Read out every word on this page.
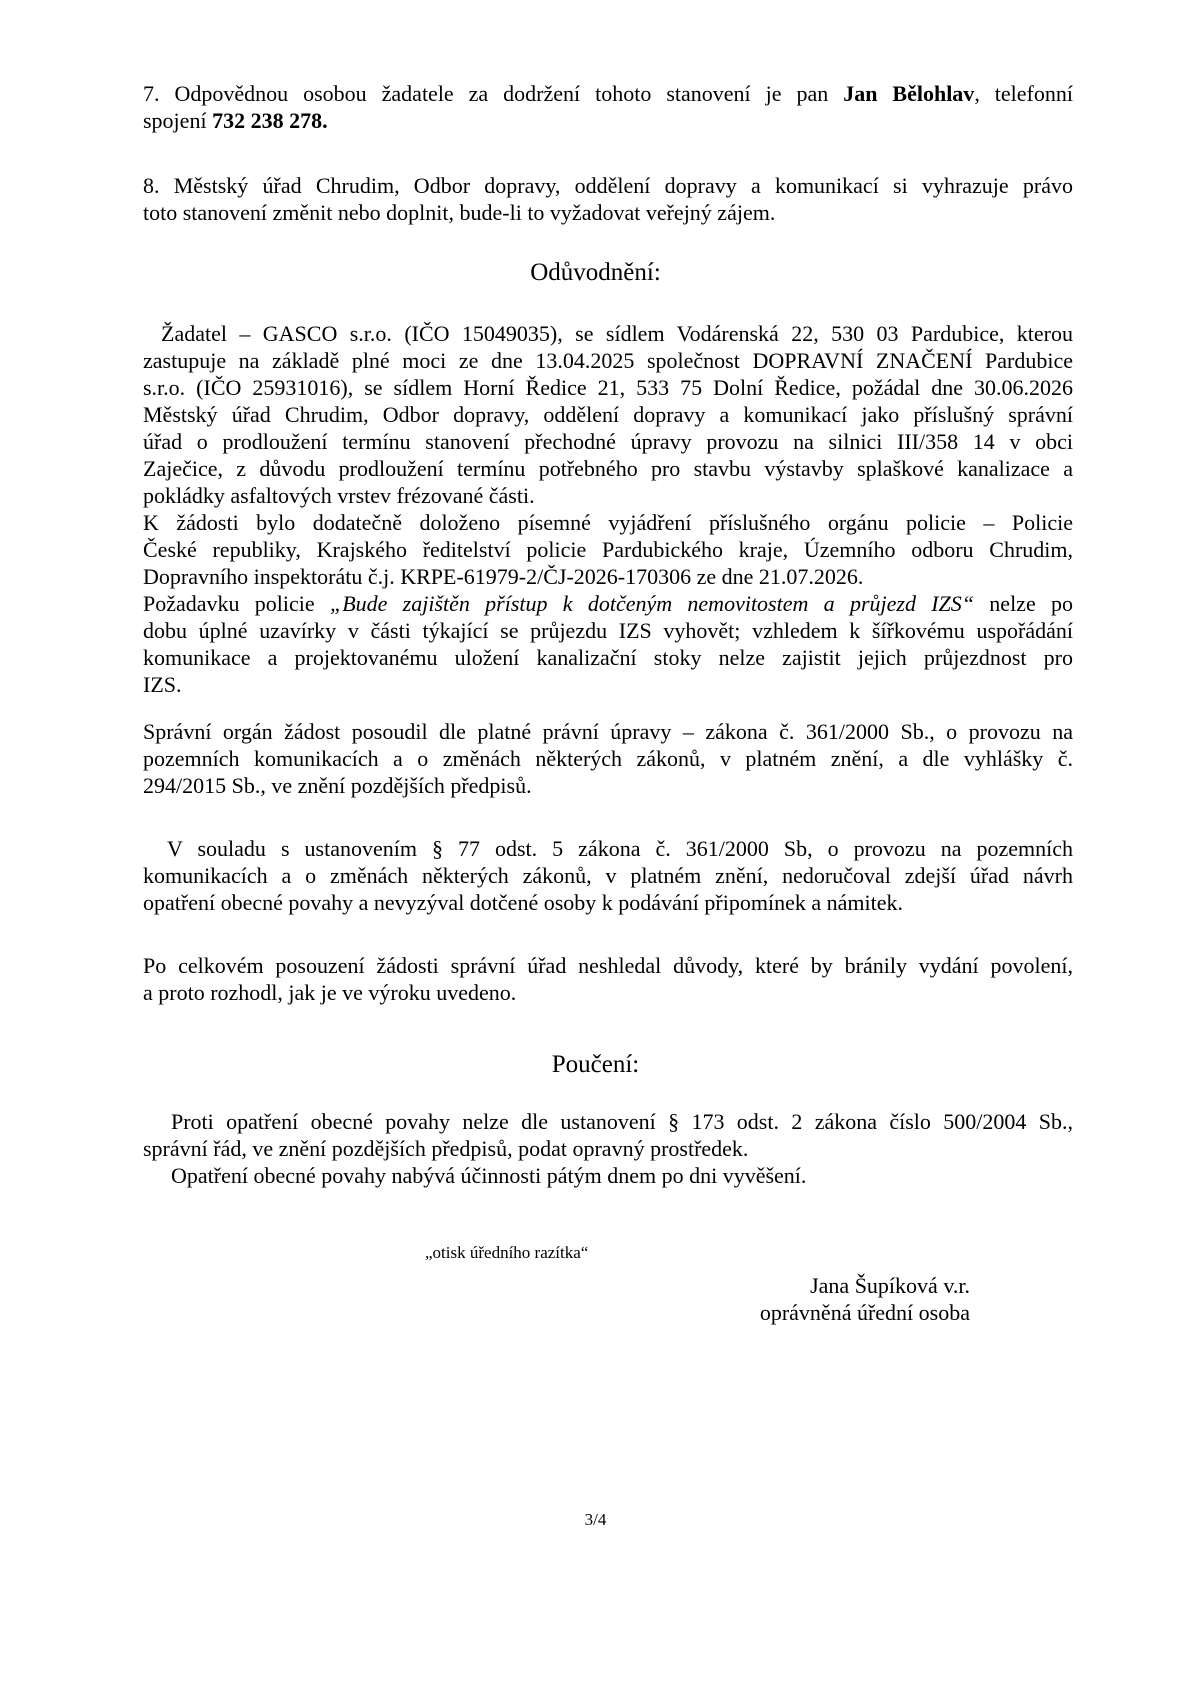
7. Odpovědnou osobou žadatele za dodržení tohoto stanovení je pan Jan Bělohlav, telefonní
spojení 732 238 278.
8. Městský úřad Chrudim, Odbor dopravy, oddělení dopravy a komunikací si vyhrazuje právo
toto stanovení změnit nebo doplnit, bude-li to vyžadovat veřejný zájem.
Odůvodnění:
Žadatel – GASCO s.r.o. (IČO 15049035), se sídlem Vodárenská 22, 530 03 Pardubice, kterou
zastupuje na základě plné moci ze dne 13.04.2025 společnost DOPRAVNÍ ZNAČENÍ Pardubice
s.r.o. (IČO 25931016), se sídlem Horní Ředice 21, 533 75 Dolní Ředice, požádal dne 30.06.2026
Městský úřad Chrudim, Odbor dopravy, oddělení dopravy a komunikací jako příslušný správní
úřad o prodloužení termínu stanovení přechodné úpravy provozu na silnici III/358 14 v obci
Zaječice, z důvodu prodloužení termínu potřebného pro stavbu výstavby splaškové kanalizace a
pokládky asfaltových vrstev frézované části.
K žádosti bylo dodatečně doloženo písemné vyjádření příslušného orgánu policie – Policie
České republiky, Krajského ředitelství policie Pardubického kraje, Územního odboru Chrudim,
Dopravního inspektorátu č.j. KRPE-61979-2/ČJ-2026-170306 ze dne 21.07.2026.
Požadavku policie „Bude zajištěn přístup k dotčeným nemovitostem a průjezd IZS“ nelze po
dobu úplné uzavírky v části týkající se průjezdu IZS vyhovět; vzhledem k šířkovému uspořádání
komunikace a projektovanému uložení kanalizační stoky nelze zajistit jejich průjezdnost pro
IZS.
Správní orgán žádost posoudil dle platné právní úpravy – zákona č. 361/2000 Sb., o provozu na
pozemních komunikacích a o změnách některých zákonů, v platném znění, a dle vyhlášky č.
294/2015 Sb., ve znění pozdějších předpisů.
V souladu s ustanovením § 77 odst. 5 zákona č. 361/2000 Sb, o provozu na pozemních
komunikacích a o změnách některých zákonů, v platném znění, nedoručoval zdejší úřad návrh
opatření obecné povahy a nevyzýval dotčené osoby k podávání připomínek a námitek.
Po celkovém posouzení žádosti správní úřad neshledal důvody, které by bránily vydání povolení,
a proto rozhodl, jak je ve výroku uvedeno.
Poučení:
Proti opatření obecné povahy nelze dle ustanovení § 173 odst. 2 zákona číslo 500/2004 Sb.,
správní řád, ve znění pozdějších předpisů, podat opravný prostředek.
Opatření obecné povahy nabývá účinnosti pátým dnem po dni vyvěšení.
„otisk úředního razítka“
Jana Šupíková v.r.
oprávněná úřední osoba
3/4
